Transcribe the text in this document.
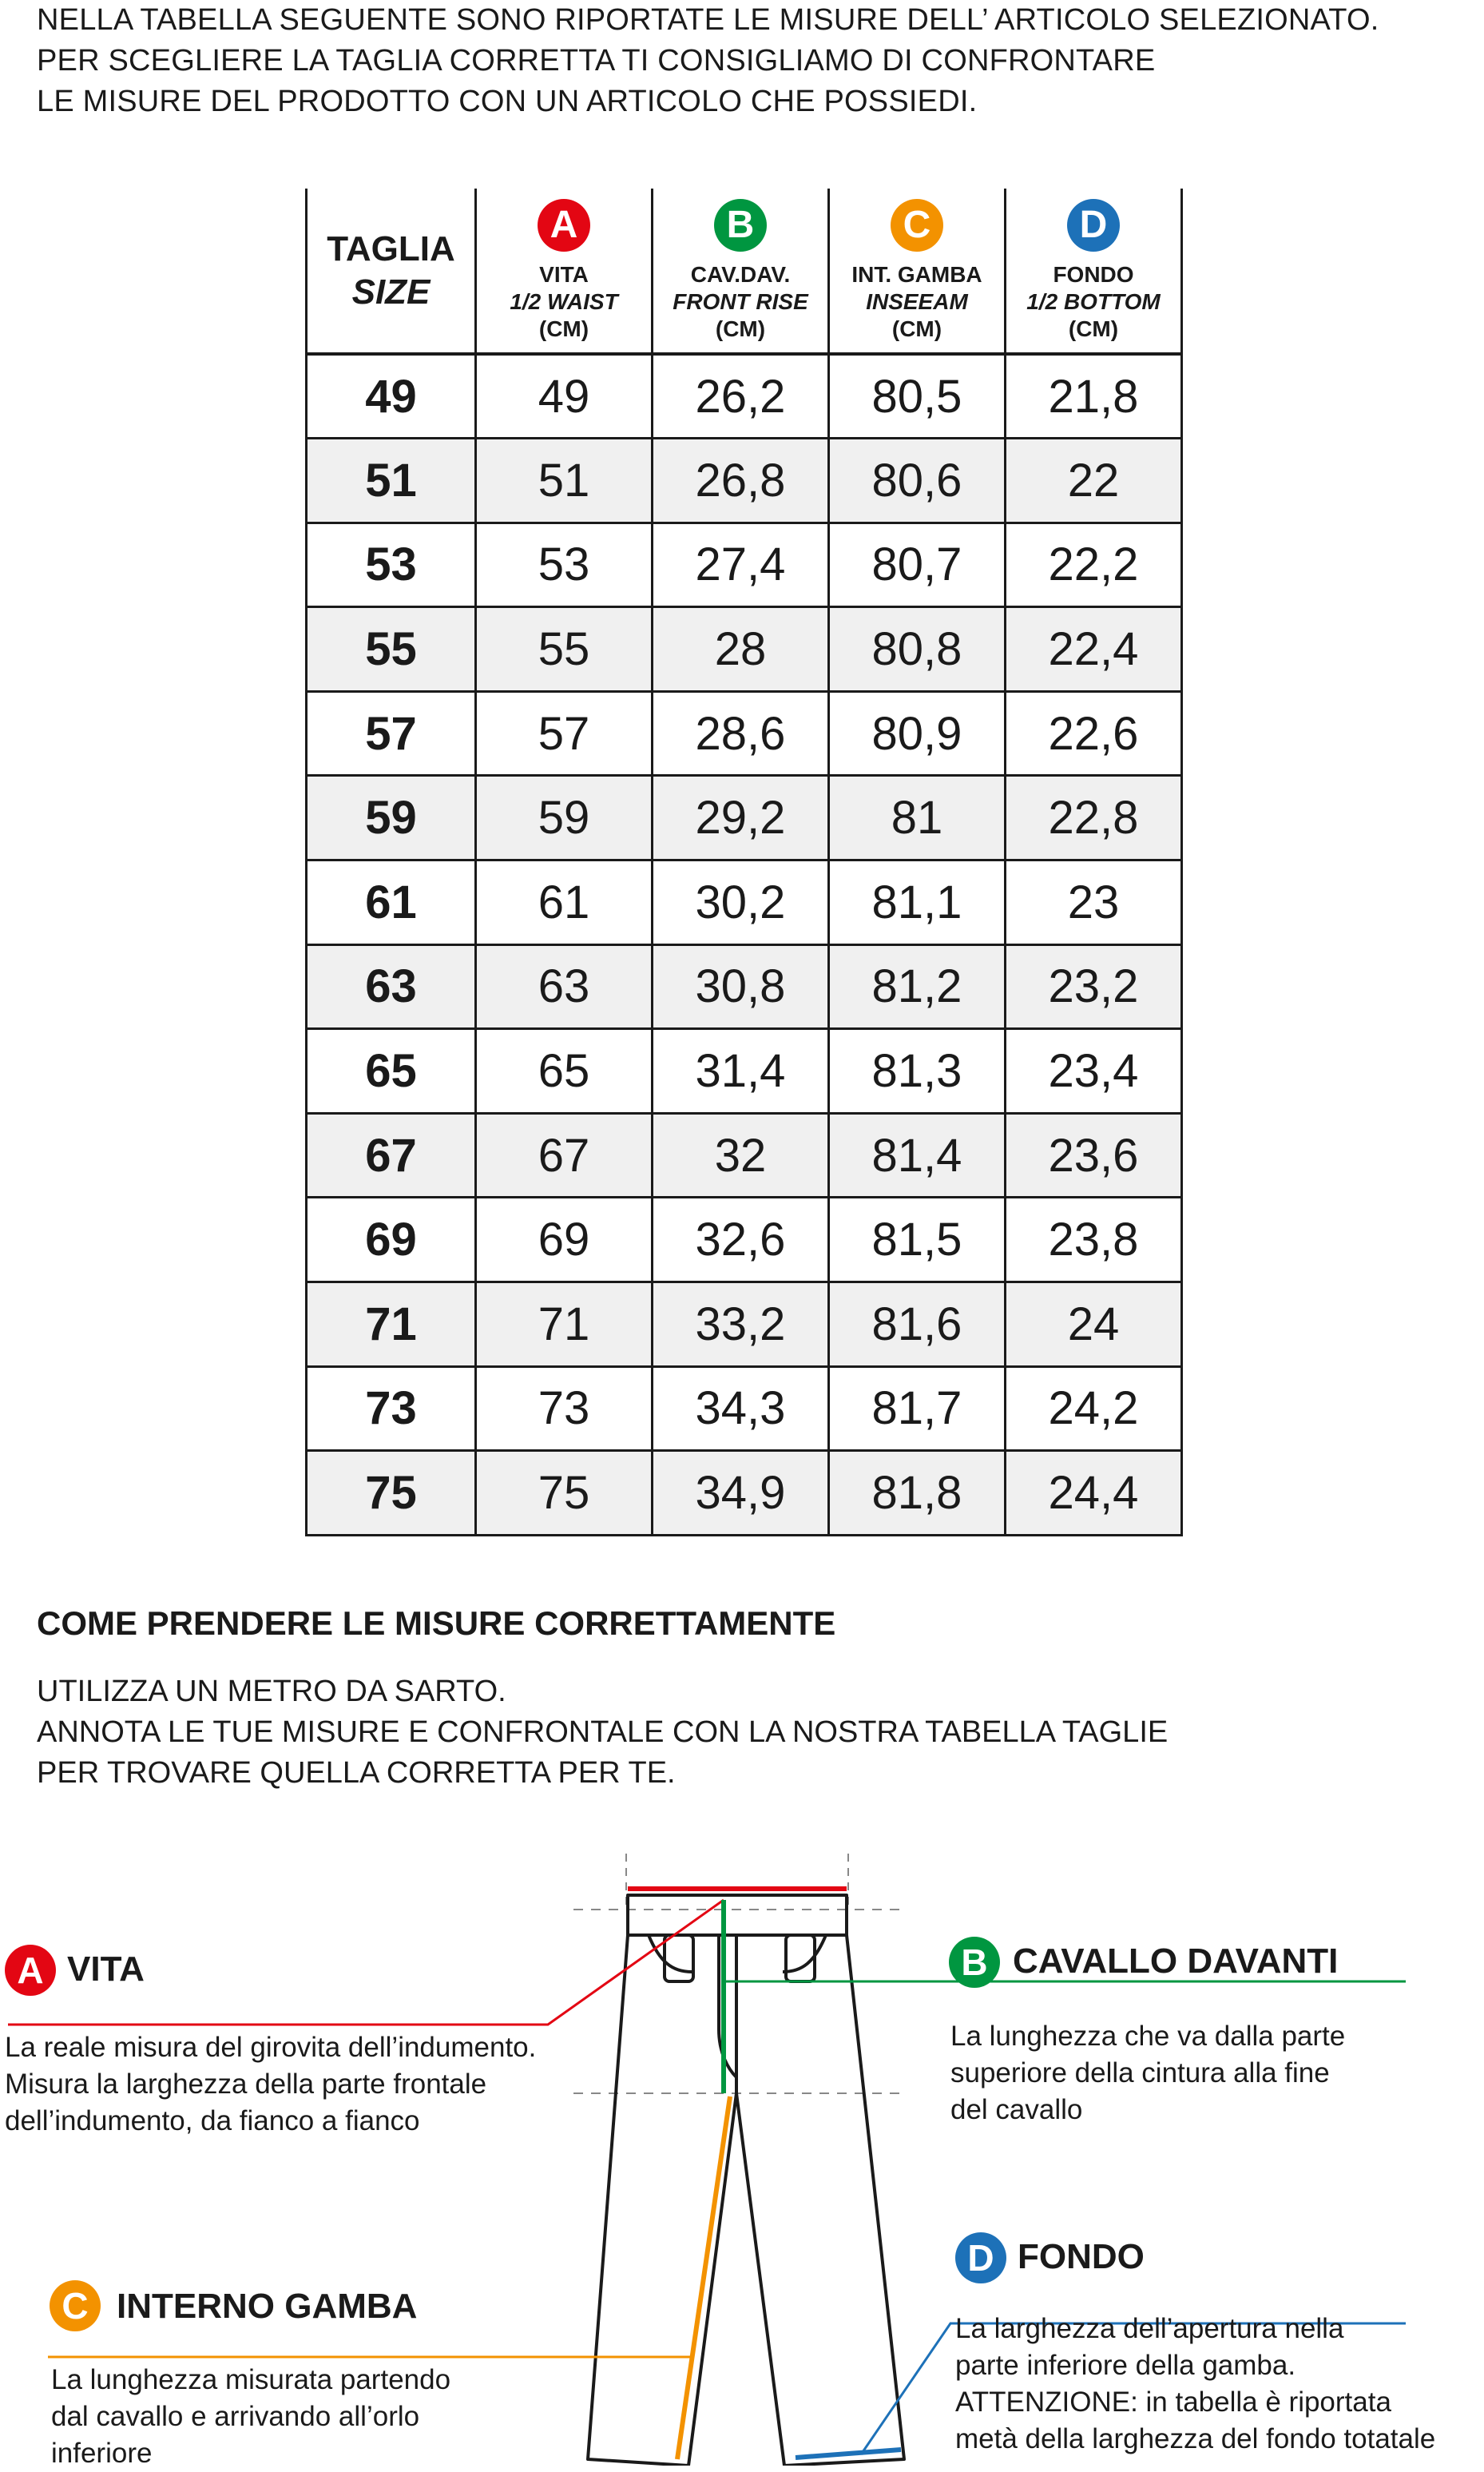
NELLA TABELLA SEGUENTE SONO RIPORTATE LE MISURE DELL’ ARTICOLO SELEZIONATO.
PER SCEGLIERE LA TAGLIA CORRETTA TI CONSIGLIAMO DI CONFRONTARE
LE MISURE DEL PRODOTTO CON UN ARTICOLO CHE POSSIEDI.
TAGLIA
SIZE	A
VITA
1/2 WAIST
(CM)	B
CAV.DAV.
FRONT RISE
(CM)	C
INT. GAMBA
INSEEAM
(CM)	D
FONDO
1/2 BOTTOM
(CM)

49	49	26,2	80,5	21,8
51	51	26,8	80,6	22
53	53	27,4	80,7	22,2
55	55	28	80,8	22,4
57	57	28,6	80,9	22,6
59	59	29,2	81	22,8
61	61	30,2	81,1	23
63	63	30,8	81,2	23,2
65	65	31,4	81,3	23,4
67	67	32	81,4	23,6
69	69	32,6	81,5	23,8
71	71	33,2	81,6	24
73	73	34,3	81,7	24,2
75	75	34,9	81,8	24,4
COME PRENDERE LE MISURE CORRETTAMENTE
UTILIZZA UN METRO DA SARTO.
ANNOTA LE TUE MISURE E CONFRONTALE CON LA NOSTRA TABELLA TAGLIE
PER TROVARE QUELLA CORRETTA PER TE.
A VITA
La reale misura del girovita dell’indumento.
Misura la larghezza della parte frontale
dell’indumento, da fianco a fianco
B CAVALLO DAVANTI
La lunghezza che va dalla parte
superiore della cintura alla fine
del cavallo
C INTERNO GAMBA
La lunghezza misurata partendo
dal cavallo e arrivando all’orlo
inferiore
D FONDO
La larghezza dell’apertura nella
parte inferiore della gamba.
ATTENZIONE: in tabella è riportata
metà della larghezza del fondo totatale
